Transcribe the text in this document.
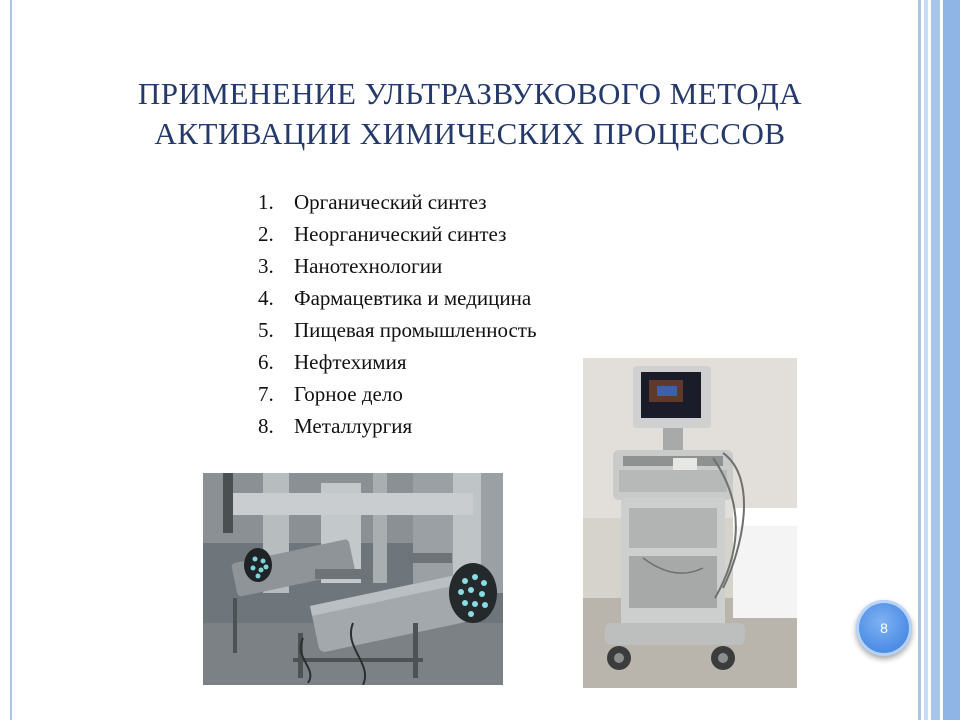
ПРИМЕНЕНИЕ УЛЬТРАЗВУКОВОГО МЕТОДА
АКТИВАЦИИ ХИМИЧЕСКИХ ПРОЦЕССОВ
1. Органический синтез
2. Неорганический синтез
3. Нанотехнологии
4. Фармацевтика и медицина
5. Пищевая промышленность
6. Нефтехимия
7. Горное дело
8. Металлургия
8
